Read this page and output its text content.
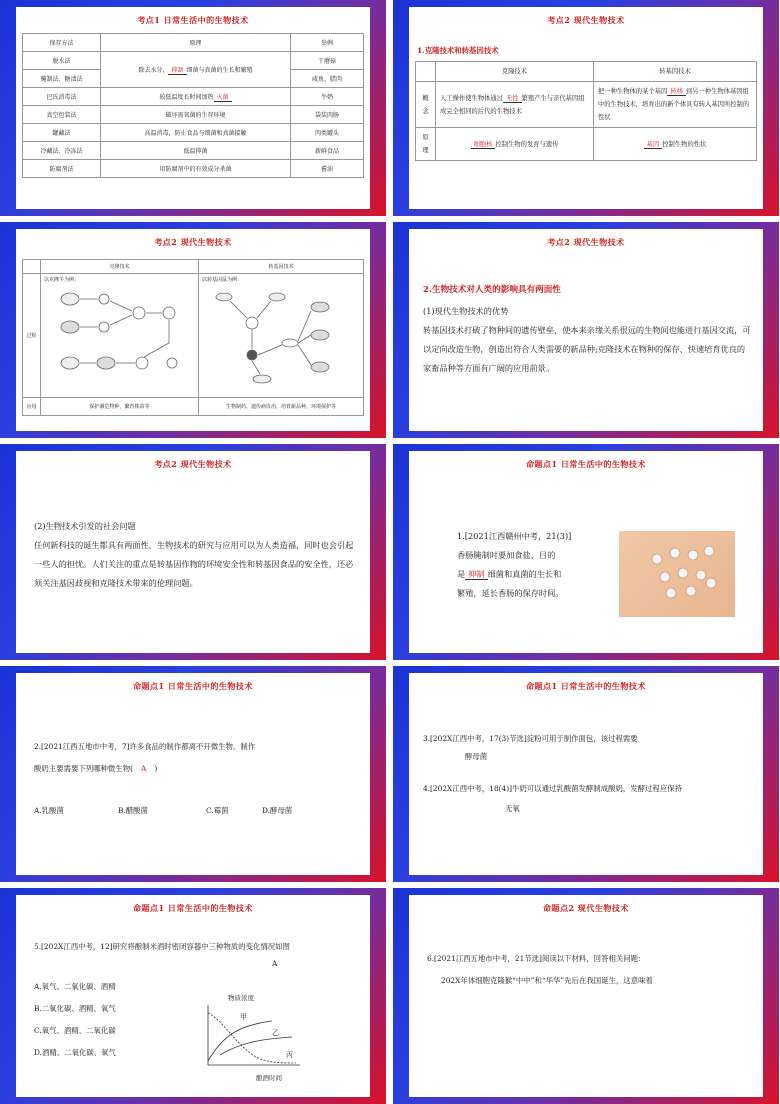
考点1 日常生活中的生物技术
保存方法	原理	举例
脱水法	除去水分， 抑制 细菌与真菌的生长和繁殖	干蘑菇
腌制法、糖渍法		咸鱼、腊肉
巴氏消毒法	较低温度长时间加热 灭菌	牛奶
真空包装法	破坏需氧菌的生存环境	袋装肉肠
罐藏法	高温消毒，防止食品与细菌和真菌接触	肉类罐头
冷藏法、冷冻法	低温抑菌	新鲜食品
防腐剂法	用防腐剂中的有效成分杀菌	酱油
考点2 现代生物技术
1.克隆技术和转基因技术
	克隆技术	转基因技术
概念	人工操作使生物体通过 无性 繁殖产生与亲代基因组成完全相同的后代的生物技术	把一种生物体的某个基因 转移 到另一种生物体基因组中的生物技术，培育出的新个体具有转入基因所控制的性状
原理	细胞核 控制生物的发育与遗传	基因 控制生物的性状
考点2 现代生物技术
	克隆技术	转基因技术
过程	以克隆羊为例：	以转基因鼠为例：

应用	保护濒危物种，繁育株苗等	生物制药、遗传病诊治，培育新品种，环境保护等
考点2 现代生物技术
2.生物技术对人类的影响具有两面性
(1)现代生物技术的优势
转基因技术打破了物种间的遗传壁垒，使本来亲缘关系很远的生物间也能进行基因交流，可以定向改造生物，创造出符合人类需要的新品种;克隆技术在物种的保存、快速培育优良的家畜品种等方面有广阔的应用前景。
考点2 现代生物技术
(2)生物技术引发的社会问题
任何新科技的诞生都具有两面性，生物技术的研究与应用可以为人类造福，同时也会引起一些人的担忧。人们关注的重点是转基因作物的环境安全性和转基因食品的安全性，还必须关注基因歧视和克隆技术带来的伦理问题。
命题点1 日常生活中的生物技术
1.[2021江西赣州中考，21(3)]
香肠腌制时要加食盐，目的
是 抑制 细菌和真菌的生长和
繁殖，延长香肠的保存时间。
命题点1 日常生活中的生物技术
2.[2021江西五地市中考，7]许多食品的制作都离不开微生物。制作
酸奶主要需要下列哪种微生物( A )
A.乳酸菌	B.醋酸菌	C.霉菌	D.酵母菌
命题点1 日常生活中的生物技术
3.[202X江西中考，17(3)节选]淀粉可用于制作面包，该过程需要
酵母菌
4.[202X江西中考，18(4)]牛奶可以通过乳酸菌发酵制成酸奶，发酵过程应保持
无氧
命题点1 日常生活中的生物技术
5.[202X江西中考，12]研究将酿制米酒时密闭容器中三种物质的变化情况如图
A
A.氧气、二氧化碳、酒精
B.二氧化碳、酒精、氧气
C.氧气、酒精、二氧化碳
D.酒精、二氧化碳、氧气
甲
乙
丙
物质浓度
酿酒时间
命题点2 现代生物技术
6.[2021江西五地市中考，21节选]阅读以下材料，回答相关问题：
202X年体细胞克隆猴“中中”和“华华”先后在我国诞生，这意味着
